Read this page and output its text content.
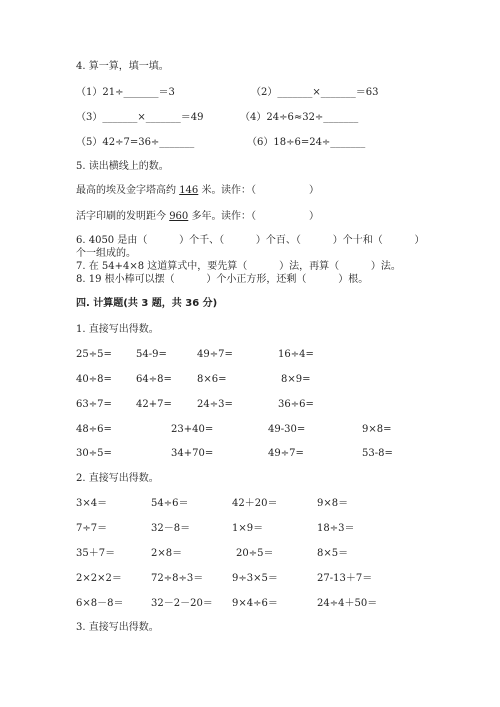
4. 算一算，填一填。
（1）21÷_______＝3	（2）_______×_______＝63
（3）_______×_______＝49	（4）24÷6≈32÷_______
（5）42÷7=36÷_______	（6）18÷6=24÷_______
5. 读出横线上的数。
最高的埃及金字塔高约 146 米。 读作：（	）
活字印刷的发明距今 960 多年。 读作：（	）
6. 4050 是由（          ）个千、（          ）个百、（          ）个十和（          ）
个一组成的。
7. 在 54+4×8 这道算式中，要先算（          ）法，再算（          ）法。
8. 19 根小棒可以摆（          ）个小正方形，还剩（          ）根。
四. 计算题(共 3 题，共 36 分)
1. 直接写出得数。
25÷5= 54-9=	49÷7=	16÷4=
40÷8= 64÷8=	8×6=	8×9=
63÷7= 42+7=	24÷3=	36÷6=
48÷6=	23+40=	49-30=	9×8=
30÷5=	34+70=	49÷7=	53-8=
2. 直接写出得数。
3×4＝	54÷6＝	42＋20＝	9×8＝
7÷7＝	32－8＝	1×9＝	18÷3＝
35＋7＝	2×8＝	20÷5＝	8×5＝
2×2×2＝	72÷8÷3＝	9÷3×5＝	27-13＋7＝
6×8－8＝	32－2－20＝ 9×4÷6＝	24÷4＋50＝
3. 直接写出得数。
